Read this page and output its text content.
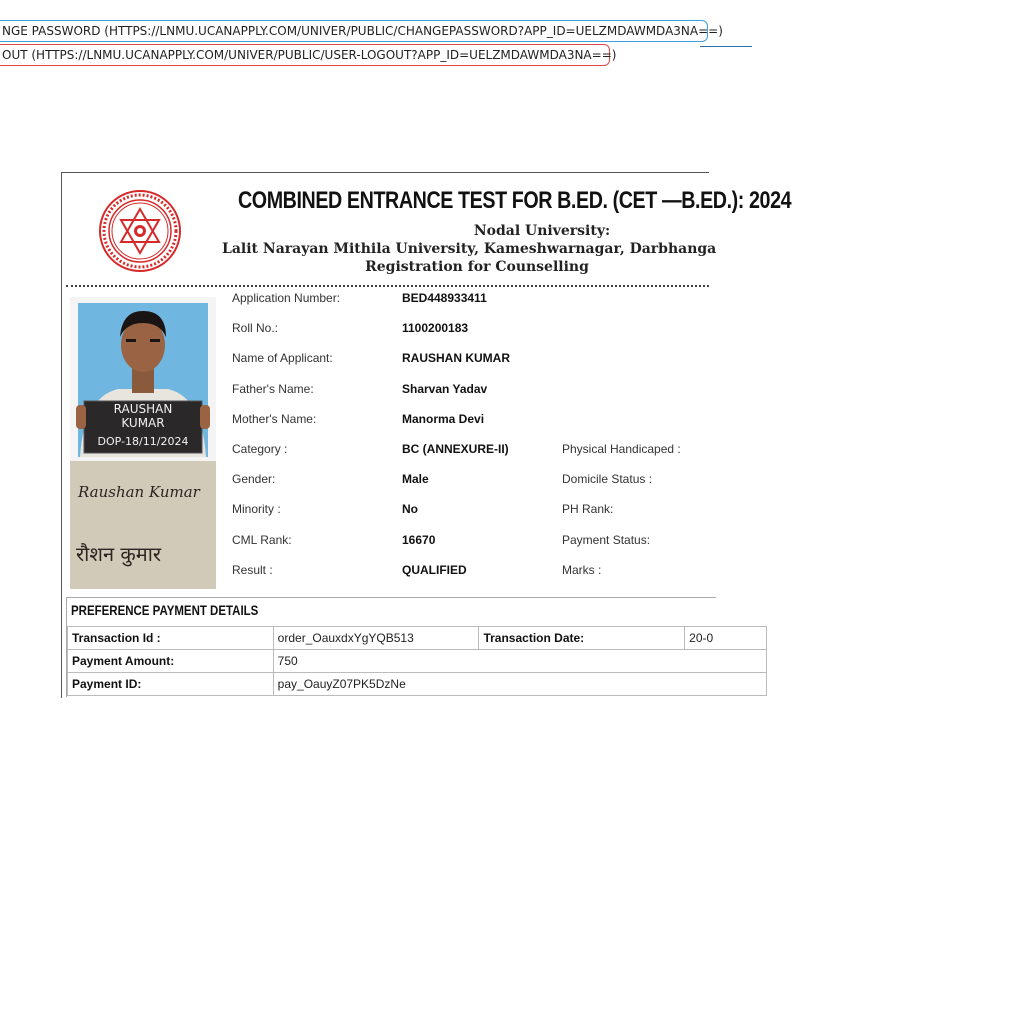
NGE PASSWORD (HTTPS://LNMU.UCANAPPLY.COM/UNIVER/PUBLIC/CHANGEPASSWORD?APP_ID=UELZMDAWMDA3NA==)
OUT (HTTPS://LNMU.UCANAPPLY.COM/UNIVER/PUBLIC/USER-LOGOUT?APP_ID=UELZMDAWMDA3NA==)
COMBINED ENTRANCE TEST FOR B.ED. (CET —B.ED.): 2024
Nodal University:
Lalit Narayan Mithila University, Kameshwarnagar, Darbhanga
Registration for Counselling
RAUSHAN
KUMAR
DOP-18/11/2024
Raushan Kumar
रौशन कुमार
Application Number:	BED448933411
Roll No.:	1100200183
Name of Applicant:	RAUSHAN KUMAR
Father's Name:	Sharvan Yadav
Mother's Name:	Manorma Devi
Category :	BC (ANNEXURE-II)	Physical Handicaped :
Gender:	Male	Domicile Status :
Minority :	No	PH Rank:
CML Rank:	16670	Payment Status:
Result :	QUALIFIED	Marks :
PREFERENCE PAYMENT DETAILS
Transaction Id :	order_OauxdxYgYQB513	Transaction Date:	20-0
Payment Amount:	750		
Payment ID:	pay_OauyZ07PK5DzNe		
